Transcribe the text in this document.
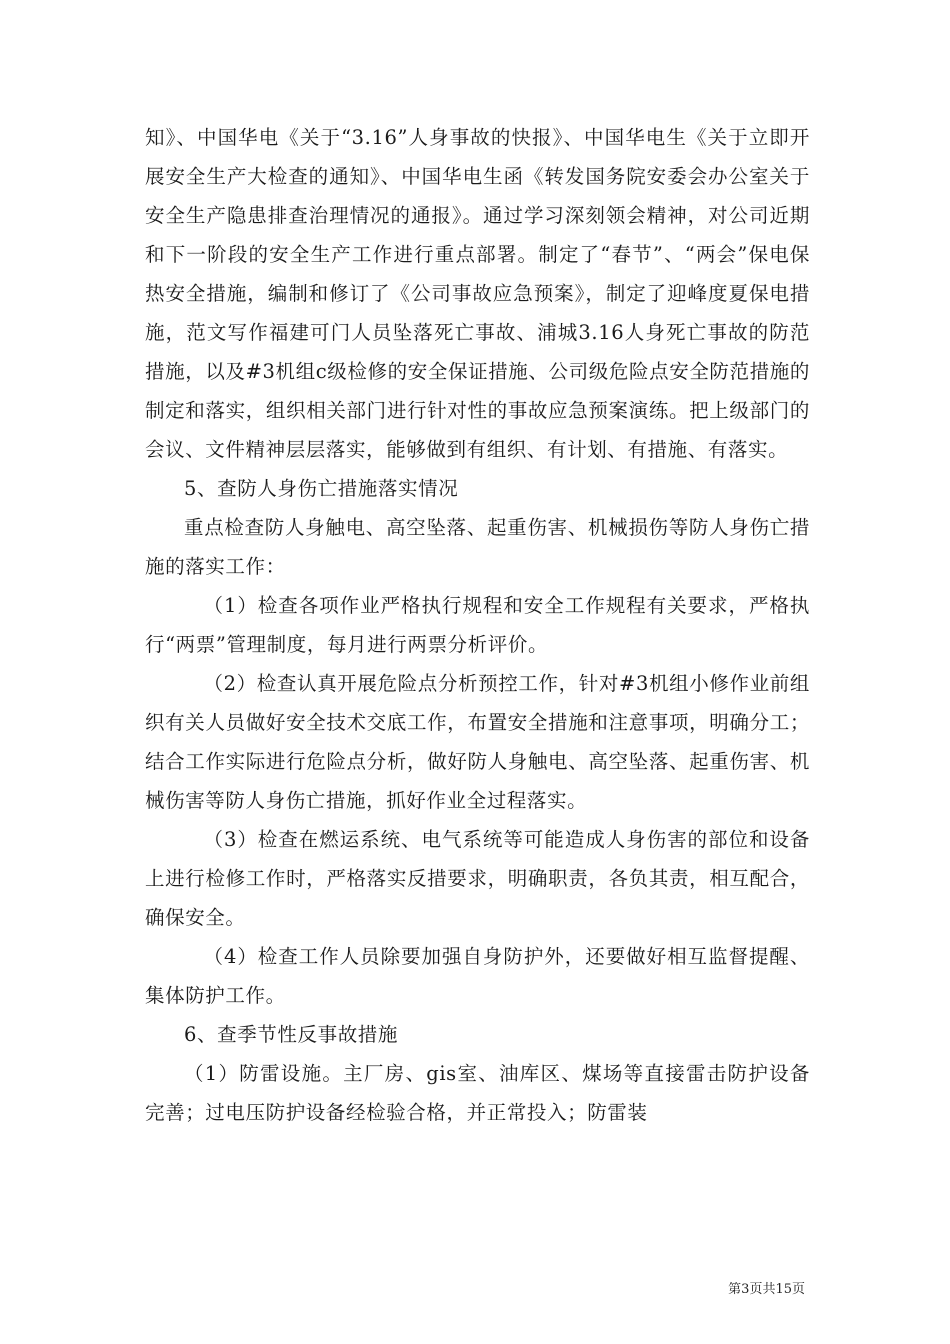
知》、中国华电《关于“3.16”人身事故的快报》、中国华电生《关于立即开展安全生产大检查的通知》、中国华电生函《转发国务院安委会办公室关于安全生产隐患排查治理情况的通报》。通过学习深刻领会精神，对公司近期和下一阶段的安全生产工作进行重点部署。制定了“春节”、“两会”保电保热安全措施，编制和修订了《公司事故应急预案》，制定了迎峰度夏保电措施，范文写作福建可门人员坠落死亡事故、浦城3.16人身死亡事故的防范措施，以及#3机组c级检修的安全保证措施、公司级危险点安全防范措施的制定和落实，组织相关部门进行针对性的事故应急预案演练。把上级部门的会议、文件精神层层落实，能够做到有组织、有计划、有措施、有落实。

5、查防人身伤亡措施落实情况

重点检查防人身触电、高空坠落、起重伤害、机械损伤等防人身伤亡措施的落实工作：

（1）检查各项作业严格执行规程和安全工作规程有关要求，严格执行“两票”管理制度，每月进行两票分析评价。

（2）检查认真开展危险点分析预控工作，针对#3机组小修作业前组织有关人员做好安全技术交底工作，布置安全措施和注意事项，明确分工；结合工作实际进行危险点分析，做好防人身触电、高空坠落、起重伤害、机械伤害等防人身伤亡措施，抓好作业全过程落实。

（3）检查在燃运系统、电气系统等可能造成人身伤害的部位和设备上进行检修工作时，严格落实反措要求，明确职责，各负其责，相互配合，确保安全。

（4）检查工作人员除要加强自身防护外，还要做好相互监督提醒、集体防护工作。

6、查季节性反事故措施

（1）防雷设施。主厂房、gis室、油库区、煤场等直接雷击防护设备完善；过电压防护设备经检验合格，并正常投入；防雷装

第3页共15页
